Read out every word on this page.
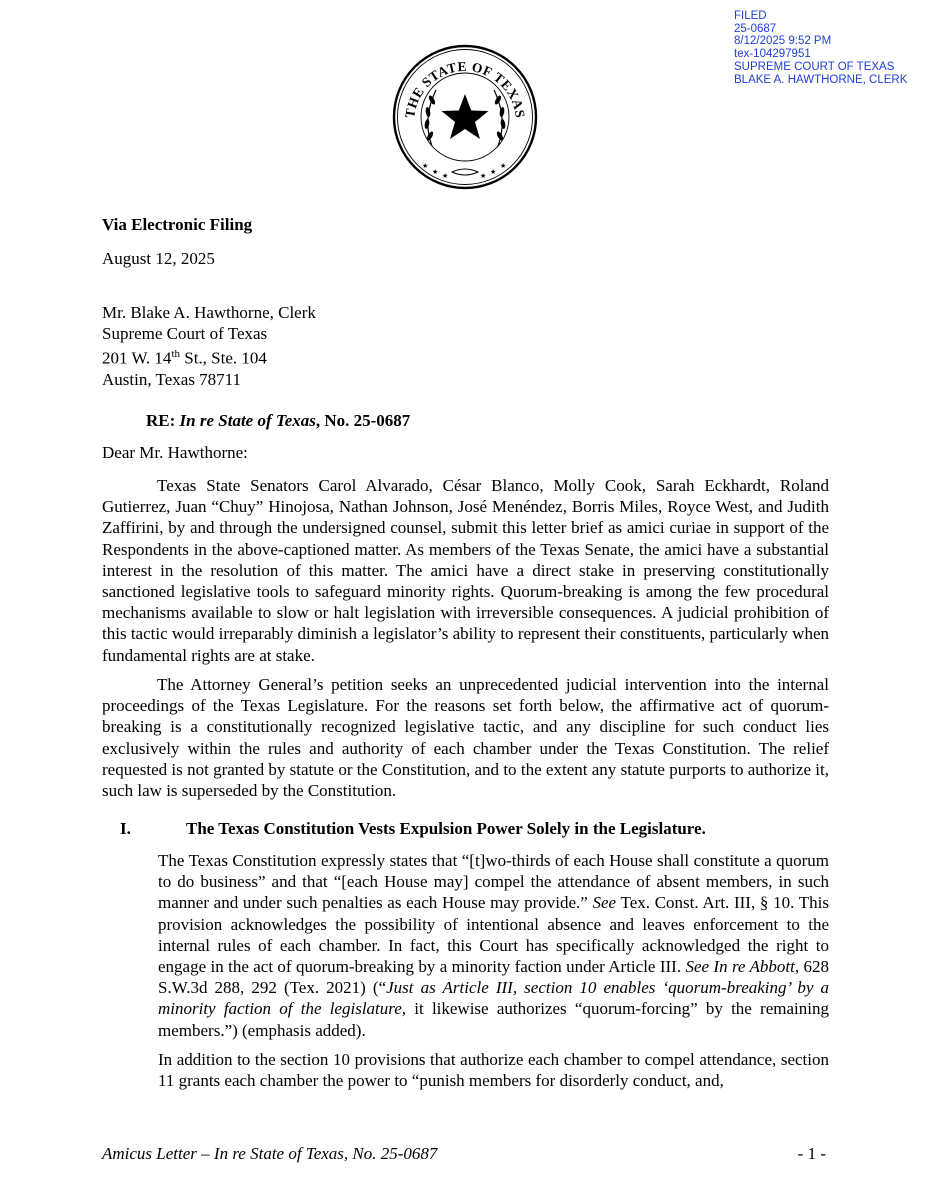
FILED
25-0687
8/12/2025 9:52 PM
tex-104297951
SUPREME COURT OF TEXAS
BLAKE A. HAWTHORNE, CLERK
THE STATE OF TEXAS
★
★ ★	★ ★
★
Via Electronic Filing
August 12, 2025
Mr. Blake A. Hawthorne, Clerk
Supreme Court of Texas
201 W. 14th St., Ste. 104
Austin, Texas 78711
RE: In re State of Texas, No. 25-0687
Dear Mr. Hawthorne:

Texas State Senators Carol Alvarado, César Blanco, Molly Cook, Sarah Eckhardt, Roland Gutierrez, Juan “Chuy” Hinojosa, Nathan Johnson, José Menéndez, Borris Miles, Royce West, and Judith Zaffirini, by and through the undersigned counsel, submit this letter brief as amici curiae in support of the Respondents in the above-captioned matter. As members of the Texas Senate, the amici have a substantial interest in the resolution of this matter. The amici have a direct stake in preserving constitutionally sanctioned legislative tools to safeguard minority rights. Quorum-breaking is among the few procedural mechanisms available to slow or halt legislation with irreversible consequences. A judicial prohibition of this tactic would irreparably diminish a legislator’s ability to represent their constituents, particularly when fundamental rights are at stake.

The Attorney General’s petition seeks an unprecedented judicial intervention into the internal proceedings of the Texas Legislature. For the reasons set forth below, the affirmative act of quorum-breaking is a constitutionally recognized legislative tactic, and any discipline for such conduct lies exclusively within the rules and authority of each chamber under the Texas Constitution. The relief requested is not granted by statute or the Constitution, and to the extent any statute purports to authorize it, such law is superseded by the Constitution.

I.	The Texas Constitution Vests Expulsion Power Solely in the Legislature.

The Texas Constitution expressly states that “[t]wo-thirds of each House shall constitute a quorum to do business” and that “[each House may] compel the attendance of absent members, in such manner and under such penalties as each House may provide.” See Tex. Const. Art. III, § 10. This provision acknowledges the possibility of intentional absence and leaves enforcement to the internal rules of each chamber. In fact, this Court has specifically acknowledged the right to engage in the act of quorum-breaking by a minority faction under Article III. See In re Abbott, 628 S.W.3d 288, 292 (Tex. 2021) (“Just as Article III, section 10 enables ‘quorum-breaking’ by a minority faction of the legislature, it likewise authorizes “quorum-forcing” by the remaining members.”) (emphasis added).

In addition to the section 10 provisions that authorize each chamber to compel attendance, section 11 grants each chamber the power to “punish members for disorderly conduct, and,

Amicus Letter – In re State of Texas, No. 25-0687	- 1 -
